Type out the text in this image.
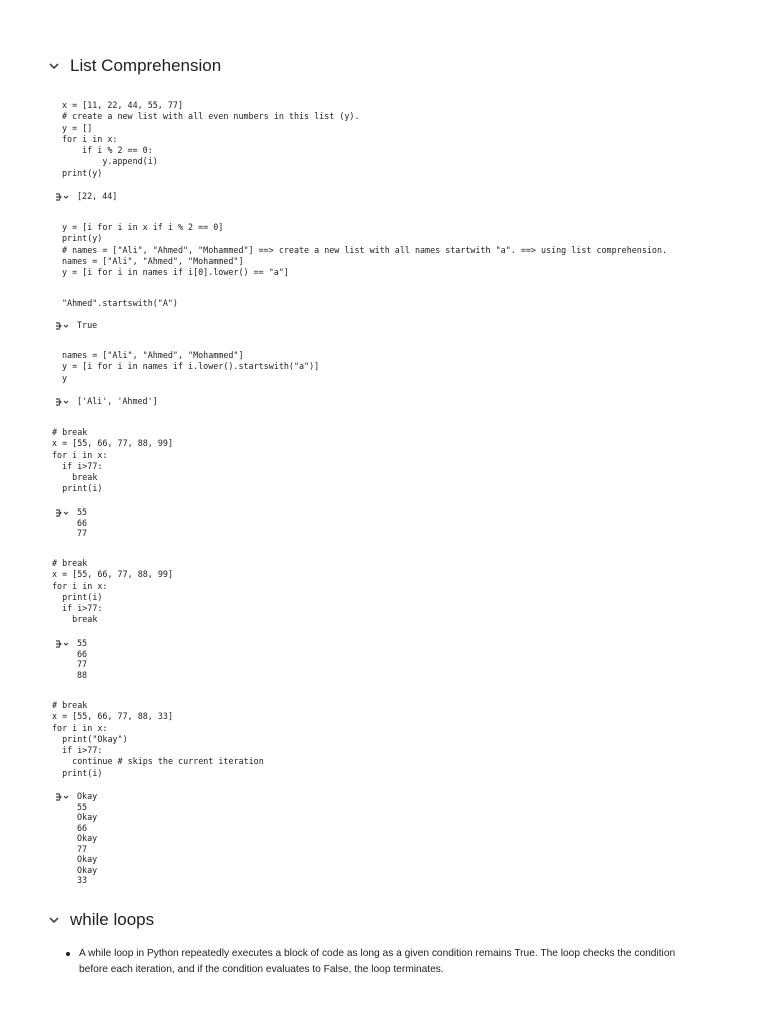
List Comprehension
x = [11, 22, 44, 55, 77]
# create a new list with all even numbers in this list (y).
y = []
for i in x:
if i % 2 == 0:
y.append(i)
print(y)
[22, 44]
y = [i for i in x if i % 2 == 0]
print(y)
# names = ["Ali", "Ahmed", "Mohammed"] ==> create a new list with all names startwith "a". ==> using list comprehension.
names = ["Ali", "Ahmed", "Mohammed"]
y = [i for i in names if i[0].lower() == "a"]
"Ahmed".startswith("A")
True
names = ["Ali", "Ahmed", "Mohammed"]
y = [i for i in names if i.lower().startswith("a")]
y
['Ali', 'Ahmed']
# break
x = [55, 66, 77, 88, 99]
for i in x:
if i>77:
break
print(i)
55
66
77
# break
x = [55, 66, 77, 88, 99]
for i in x:
print(i)
if i>77:
break
55
66
77
88
# break
x = [55, 66, 77, 88, 33]
for i in x:
print("Okay")
if i>77:
continue # skips the current iteration
print(i)
Okay
55
Okay
66
Okay
77
Okay
Okay
33
while loops
A while loop in Python repeatedly executes a block of code as long as a given condition remains True. The loop checks the condition before each iteration, and if the condition evaluates to False, the loop terminates.
